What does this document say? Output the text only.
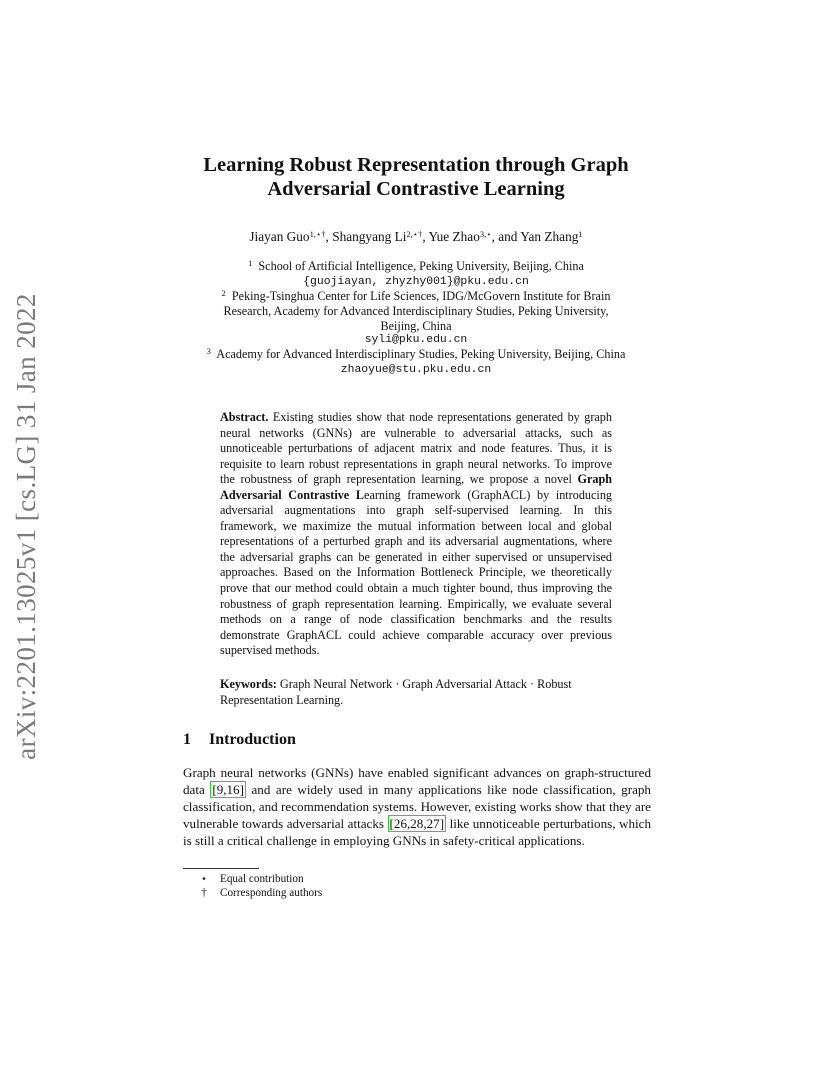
arXiv:2201.13025v1 [cs.LG] 31 Jan 2022
Learning Robust Representation through Graph
Adversarial Contrastive Learning
Jiayan Guo$^{1,⋆\dagger}$, Shangyang $Li^{2,⋆\dagger}$, Yue Zhao$^{3,⋆}$, and Yan Zhang$^1$
$^1$ School of Artificial Intelligence, Peking University, Beijing, China
{guojiayan, zhyzhy001}@pku.edu.cn
$^2$ Peking-Tsinghua Center for Life Sciences, IDG/McGovern Institute for Brain
Research, Academy for Advanced Interdisciplinary Studies, Peking University,
Beijing, China
syli@pku.edu.cn
$^3$ Academy for Advanced Interdisciplinary Studies, Peking University, Beijing, China
zhaoyue@stu.pku.edu.cn
Abstract. Existing studies show that node representations generated by graph neural networks (GNNs) are vulnerable to adversarial attacks, such as unnoticeable perturbations of adjacent matrix and node features. Thus, it is requisite to learn robust representations in graph neural networks. To improve the robustness of graph representation learning, we propose a novel Graph Adversarial Contrastive Learning framework (GraphACL) by introducing adversarial augmentations into graph self-supervised learning. In this framework, we maximize the mutual information between local and global representations of a perturbed graph and its adversarial augmentations, where the adversarial graphs can be generated in either supervised or unsupervised approaches. Based on the Information Bottleneck Principle, we theoretically prove that our method could obtain a much tighter bound, thus improving the robustness of graph representation learning. Empirically, we evaluate several methods on a range of node classification benchmarks and the results demonstrate GraphACL could achieve comparable accuracy over previous supervised methods.
Keywords: Graph Neural Network · Graph Adversarial Attack · Robust Representation Learning.
1 Introduction
Graph neural networks (GNNs) have enabled significant advances on graph-structured data [9,16] and are widely used in many applications like node classification, graph classification, and recommendation systems. However, existing works show that they are vulnerable towards adversarial attacks [26,28,27] like unnoticeable perturbations, which is still a critical challenge in employing GNNs in safety-critical applications.
⋆ Equal contribution
† Corresponding authors
